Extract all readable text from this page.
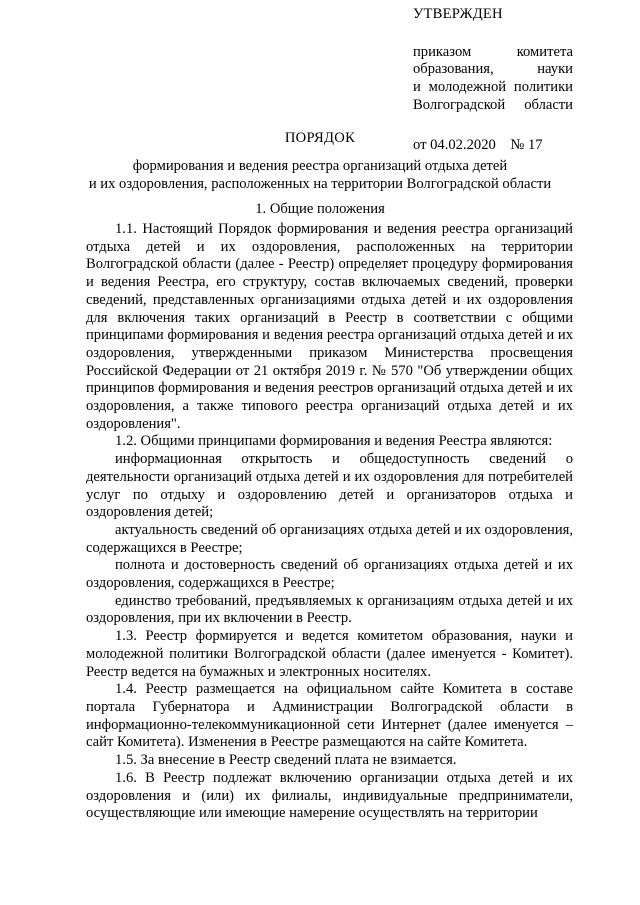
УТВЕРЖДЕН
приказом комитета
образования, науки
и молодежной политики
Волгоградской области
от 04.02.2020    № 17
ПОРЯДОК
формирования и ведения реестра организаций отдыха детей
и их оздоровления, расположенных на территории Волгоградской области
1. Общие положения

1.1. Настоящий Порядок формирования и ведения реестра организаций отдыха детей и их оздоровления, расположенных на территории Волгоградской области (далее - Реестр) определяет процедуру формирования и ведения Реестра, его структуру, состав включаемых сведений, проверки сведений, представленных организациями отдыха детей и их оздоровления для включения таких организаций в Реестр в соответствии с общими принципами формирования и ведения реестра организаций отдыха детей и их оздоровления, утвержденными приказом Министерства просвещения Российской Федерации от 21 октября 2019 г. № 570 "Об утверждении общих принципов формирования и ведения реестров организаций отдыха детей и их оздоровления, а также типового реестра организаций отдыха детей и их оздоровления".

1.2. Общими принципами формирования и ведения Реестра являются:

информационная открытость и общедоступность сведений о деятельности организаций отдыха детей и их оздоровления для потребителей услуг по отдыху и оздоровлению детей и организаторов отдыха и оздоровления детей;

актуальность сведений об организациях отдыха детей и их оздоровления, содержащихся в Реестре;

полнота и достоверность сведений об организациях отдыха детей и их оздоровления, содержащихся в Реестре;

единство требований, предъявляемых к организациям отдыха детей и их оздоровления, при их включении в Реестр.

1.3. Реестр формируется и ведется комитетом образования, науки и молодежной политики Волгоградской области (далее именуется - Комитет). Реестр ведется на бумажных и электронных носителях.

1.4. Реестр размещается на официальном сайте Комитета в составе портала Губернатора и Администрации Волгоградской области в информационно-телекоммуникационной сети Интернет (далее именуется – сайт Комитета). Изменения в Реестре размещаются на сайте Комитета.

1.5. За внесение в Реестр сведений плата не взимается.

1.6. В Реестр подлежат включению организации отдыха детей и их оздоровления и (или) их филиалы, индивидуальные предприниматели, осуществляющие или имеющие намерение осуществлять на территории
